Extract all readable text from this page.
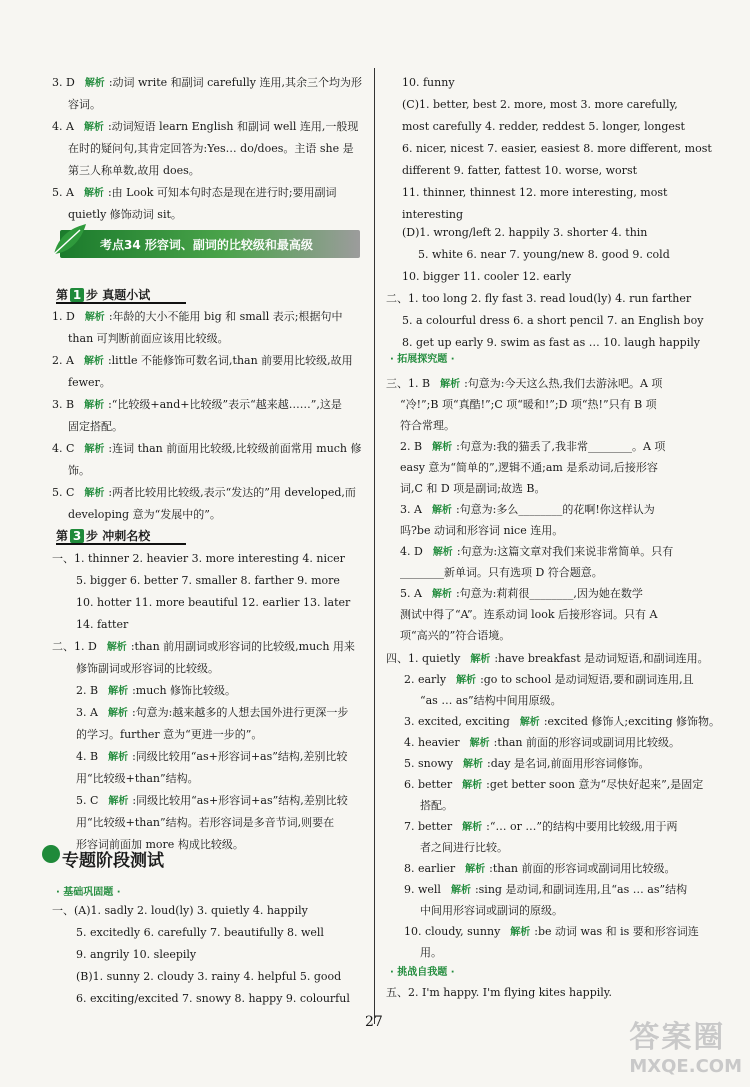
3. D 解析 :动词 write 和副词 carefully 连用,其余三个均为形
容词。
4. A 解析 :动词短语 learn English 和副词 well 连用,一般现
在时的疑问句,其肯定回答为:Yes… do/does。主语 she 是
第三人称单数,故用 does。
5. A 解析 :由 Look 可知本句时态是现在进行时;要用副词
quietly 修饰动词 sit。
1. D 解析 :年龄的大小不能用 big 和 small 表示;根据句中
than 可判断前面应该用比较级。
2. A 解析 :little 不能修饰可数名词,than 前要用比较级,故用
fewer。
3. B 解析 :“比较级+and+比较级”表示“越来越……”,这是
固定搭配。
4. C 解析 :连词 than 前面用比较级,比较级前面常用 much 修
饰。
5. C 解析 :两者比较用比较级,表示“发达的”用 developed,而
developing 意为“发展中的”。
一、1. thinner 2. heavier 3. more interesting 4. nicer
5. bigger 6. better 7. smaller 8. farther 9. more
10. hotter 11. more beautiful 12. earlier 13. later
14. fatter
二、1. D 解析 :than 前用副词或形容词的比较级,much 用来
修饰副词或形容词的比较级。
2. B 解析 :much 修饰比较级。
3. A 解析 :句意为:越来越多的人想去国外进行更深一步
的学习。further 意为“更进一步的”。
4. B 解析 :同级比较用“as+形容词+as”结构,差别比较
用“比较级+than”结构。
5. C 解析 :同级比较用“as+形容词+as”结构,差别比较
用“比较级+than”结构。若形容词是多音节词,则要在
形容词前面加 more 构成比较级。
一、(A)1. sadly 2. loud(ly) 3. quietly 4. happily
5. excitedly 6. carefully 7. beautifully 8. well
9. angrily 10. sleepily
(B)1. sunny 2. cloudy 3. rainy 4. helpful 5. good
6. exciting/excited 7. snowy 8. happy 9. colourful
10. funny
(C)1. better, best 2. more, most 3. more carefully,
most carefully 4. redder, reddest 5. longer, longest
6. nicer, nicest 7. easier, easiest 8. more different, most
different 9. fatter, fattest 10. worse, worst
11. thinner, thinnest 12. more interesting, most
interesting
(D)1. wrong/left 2. happily 3. shorter 4. thin
5. white 6. near 7. young/new 8. good 9. cold
10. bigger 11. cooler 12. early
二、1. too long 2. fly fast 3. read loud(ly) 4. run farther
5. a colourful dress 6. a short pencil 7. an English boy
8. get up early 9. swim as fast as … 10. laugh happily
三、1. B 解析 :句意为:今天这么热,我们去游泳吧。A 项
“冷!”;B 项“真酷!”;C 项“暖和!”;D 项“热!”只有 B 项
符合常理。
2. B 解析 :句意为:我的猫丢了,我非常________。A 项
easy 意为“简单的”,逻辑不通;am 是系动词,后接形容
词,C 和 D 项是副词;故选 B。
3. A 解析 :句意为:多么________的花啊!你这样认为
吗?be 动词和形容词 nice 连用。
4. D 解析 :句意为:这篇文章对我们来说非常简单。只有
________新单词。只有选项 D 符合题意。
5. A 解析 :句意为:莉莉很________,因为她在数学
测试中得了“A”。连系动词 look 后接形容词。只有 A
项“高兴的”符合语境。
四、1. quietly 解析 :have breakfast 是动词短语,和副词连用。
2. early 解析 :go to school 是动词短语,要和副词连用,且
“as … as”结构中间用原级。
3. excited, exciting 解析 :excited 修饰人;exciting 修饰物。
4. heavier 解析 :than 前面的形容词或副词用比较级。
5. snowy 解析 :day 是名词,前面用形容词修饰。
6. better 解析 :get better soon 意为“尽快好起来”,是固定
搭配。
7. better 解析 :“… or …”的结构中要用比较级,用于两
者之间进行比较。
8. earlier 解析 :than 前面的形容词或副词用比较级。
9. well 解析 :sing 是动词,和副词连用,且“as … as”结构
中间用形容词或副词的原级。
10. cloudy, sunny 解析 :be 动词 was 和 is 要和形容词连
用。
五、2. I'm happy. I'm flying kites happily.
考点34 形容词、副词的比较级和最高级
第 1 步 真题小试
第 3 步 冲刺名校
专题阶段测试
· 基础巩固题 ·
· 拓展探究题 ·
· 挑战自我题 ·
27	答案圈
MXQE.COM
